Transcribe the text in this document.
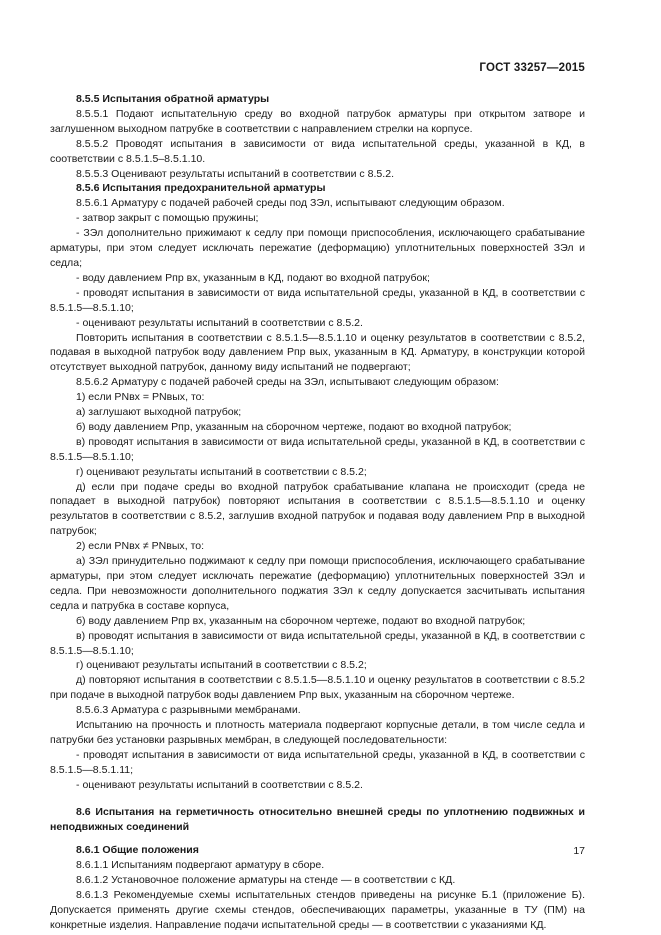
ГОСТ 33257—2015

8.5.5 Испытания обратной арматуры

8.5.5.1 Подают испытательную среду во входной патрубок арматуры при открытом затворе и заглушенном выходном патрубке в соответствии с направлением стрелки на корпусе.

8.5.5.2 Проводят испытания в зависимости от вида испытательной среды, указанной в КД, в соответствии с 8.5.1.5–8.5.1.10.

8.5.5.3 Оценивают результаты испытаний в соответствии с 8.5.2.

8.5.6 Испытания предохранительной арматуры

8.5.6.1 Арматуру с подачей рабочей среды под ЗЭл, испытывают следующим образом.

- затвор закрыт с помощью пружины;

- ЗЭл дополнительно прижимают к седлу при помощи приспособления, исключающего срабатывание арматуры, при этом следует исключать пережатие (деформацию) уплотнительных поверхностей ЗЭл и седла;

- воду давлением Pпр вх, указанным в КД, подают во входной патрубок;

- проводят испытания в зависимости от вида испытательной среды, указанной в КД, в соответствии с 8.5.1.5—8.5.1.10;

- оценивают результаты испытаний в соответствии с 8.5.2.

Повторить испытания в соответствии с 8.5.1.5—8.5.1.10 и оценку результатов в соответствии с 8.5.2, подавая в выходной патрубок воду давлением Pпр вых, указанным в КД. Арматуру, в конструкции которой отсутствует выходной патрубок, данному виду испытаний не подвергают;

8.5.6.2 Арматуру с подачей рабочей среды на ЗЭл, испытывают следующим образом:

1) если PNвх = PNвых, то:

а) заглушают выходной патрубок;

б) воду давлением Pпр, указанным на сборочном чертеже, подают во входной патрубок;

в) проводят испытания в зависимости от вида испытательной среды, указанной в КД, в соответствии с 8.5.1.5—8.5.1.10;

г) оценивают результаты испытаний в соответствии с 8.5.2;

д) если при подаче среды во входной патрубок срабатывание клапана не происходит (среда не попадает в выходной патрубок) повторяют испытания в соответствии с 8.5.1.5—8.5.1.10 и оценку результатов в соответствии с 8.5.2, заглушив входной патрубок и подавая воду давлением Pпр в выходной патрубок;

2) если PNвх ≠ PNвых, то:

а) ЗЭл принудительно поджимают к седлу при помощи приспособления, исключающего срабатывание арматуры, при этом следует исключать пережатие (деформацию) уплотнительных поверхностей ЗЭл и седла. При невозможности дополнительного поджатия ЗЭл к седлу допускается засчитывать испытания седла и патрубка в составе корпуса,

б) воду давлением Pпр вх, указанным на сборочном чертеже, подают во входной патрубок;

в) проводят испытания в зависимости от вида испытательной среды, указанной в КД, в соответствии с 8.5.1.5—8.5.1.10;

г) оценивают результаты испытаний в соответствии с 8.5.2;

д) повторяют испытания в соответствии с 8.5.1.5—8.5.1.10 и оценку результатов в соответствии с 8.5.2 при подаче в выходной патрубок воды давлением Pпр вых, указанным на сборочном чертеже.

8.5.6.3 Арматура с разрывными мембранами.

Испытанию на прочность и плотность материала подвергают корпусные детали, в том числе седла и патрубки без установки разрывных мембран, в следующей последовательности:

- проводят испытания в зависимости от вида испытательной среды, указанной в КД, в соответствии с 8.5.1.5—8.5.1.11;

- оценивают результаты испытаний в соответствии с 8.5.2.

8.6 Испытания на герметичность относительно внешней среды по уплотнению подвижных и неподвижных соединений

8.6.1 Общие положения

8.6.1.1 Испытаниям подвергают арматуру в сборе.

8.6.1.2 Установочное положение арматуры на стенде — в соответствии с КД.

8.6.1.3 Рекомендуемые схемы испытательных стендов приведены на рисунке Б.1 (приложение Б). Допускается применять другие схемы стендов, обеспечивающих параметры, указанные в ТУ (ПМ) на конкретные изделия. Направление подачи испытательной среды — в соответствии с указаниями КД.

17
